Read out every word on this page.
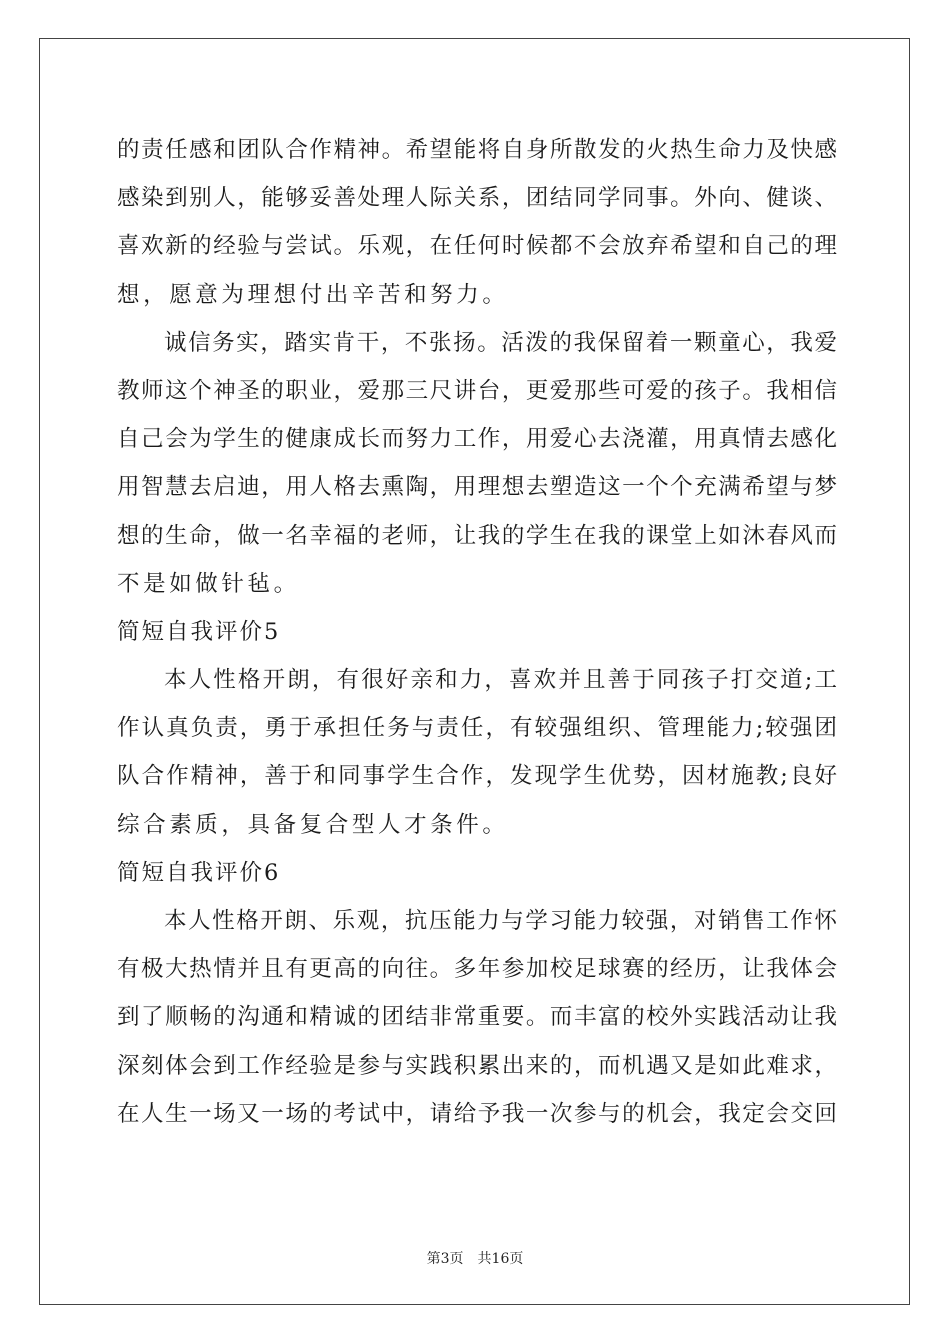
的责任感和团队合作精神。希望能将自身所散发的火热生命力及快感
感染到别人，能够妥善处理人际关系，团结同学同事。外向、健谈、
喜欢新的经验与尝试。乐观，在任何时候都不会放弃希望和自己的理
想，愿意为理想付出辛苦和努力。
诚信务实，踏实肯干，不张扬。活泼的我保留着一颗童心，我爱
教师这个神圣的职业，爱那三尺讲台，更爱那些可爱的孩子。我相信
自己会为学生的健康成长而努力工作，用爱心去浇灌，用真情去感化
用智慧去启迪，用人格去熏陶，用理想去塑造这一个个充满希望与梦
想的生命，做一名幸福的老师，让我的学生在我的课堂上如沐春风而
不是如做针毡。
简短自我评价5
本人性格开朗，有很好亲和力，喜欢并且善于同孩子打交道;工
作认真负责，勇于承担任务与责任，有较强组织、管理能力;较强团
队合作精神，善于和同事学生合作，发现学生优势，因材施教;良好
综合素质，具备复合型人才条件。
简短自我评价6
本人性格开朗、乐观，抗压能力与学习能力较强，对销售工作怀
有极大热情并且有更高的向往。多年参加校足球赛的经历，让我体会
到了顺畅的沟通和精诚的团结非常重要。而丰富的校外实践活动让我
深刻体会到工作经验是参与实践积累出来的，而机遇又是如此难求，
在人生一场又一场的考试中，请给予我一次参与的机会，我定会交回
第3页　共16页
